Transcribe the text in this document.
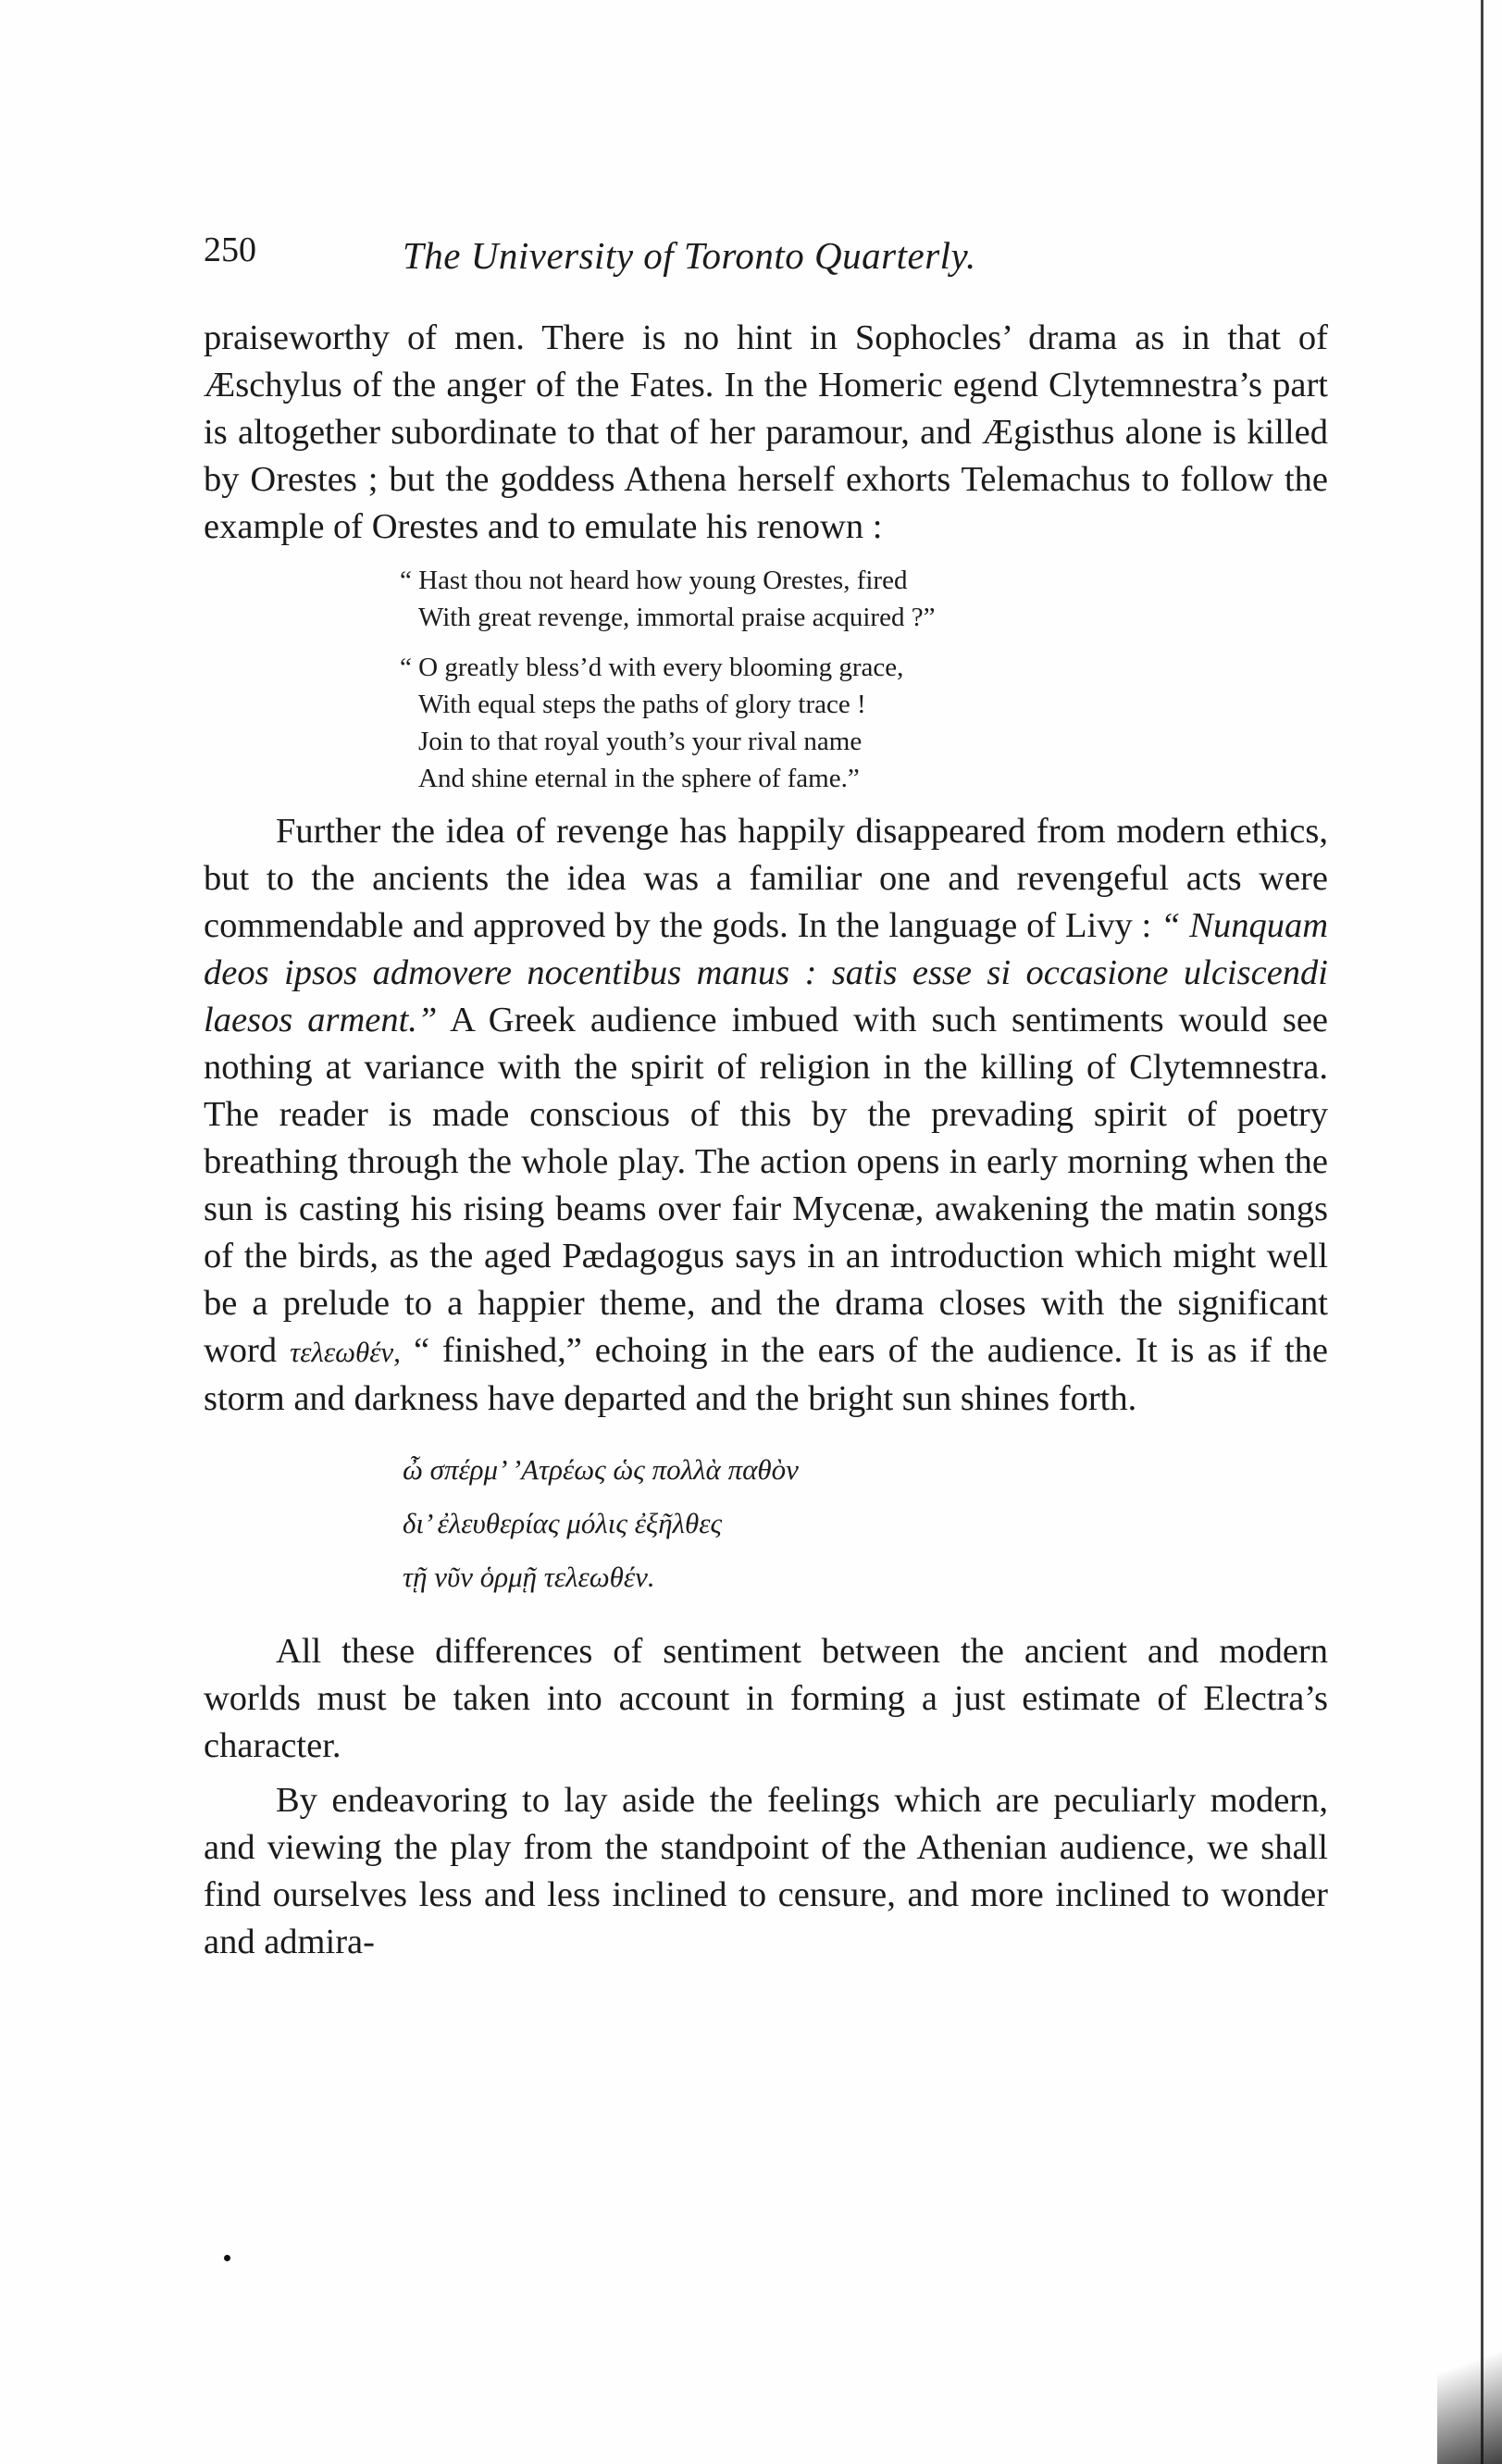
250	The University of Toronto Quarterly.

praiseworthy of men. There is no hint in Sophocles’ drama as in that of Æschylus of the anger of the Fates. In the Homeric egend Clytemnestra’s part is altogether subordinate to that of her paramour, and Ægisthus alone is killed by Orestes ; but the goddess Athena herself exhorts Telemachus to follow the example of Orestes and to emulate his renown :

“ Hast thou not heard how young Orestes, fired
With great revenge, immortal praise acquired ?”
“ O greatly bless’d with every blooming grace,
With equal steps the paths of glory trace !
Join to that royal youth’s your rival name
And shine eternal in the sphere of fame.”

Further the idea of revenge has happily disappeared from modern ethics, but to the ancients the idea was a familiar one and revengeful acts were commendable and approved by the gods. In the language of Livy : “ Nunquam deos ipsos admovere nocentibus manus : satis esse si occasione ulciscendi laesos arment.” A Greek audience imbued with such sentiments would see nothing at variance with the spirit of religion in the killing of Clytemnestra. The reader is made conscious of this by the prevading spirit of poetry breathing through the whole play. The action opens in early morning when the sun is casting his rising beams over fair Mycenæ, awakening the matin songs of the birds, as the aged Pædagogus says in an introduction which might well be a prelude to a happier theme, and the drama closes with the significant word τελεωθέν, “ finished,” echoing in the ears of the audience. It is as if the storm and darkness have departed and the bright sun shines forth.

ὦ σπέρμ’ ’Ατρέως ὡς πολλὰ παθὸν
δι’ ἐλευθερίας μόλις ἐξῆλθες
τῇ νῦν ὁρμῇ τελεωθέν.

All these differences of sentiment between the ancient and modern worlds must be taken into account in forming a just estimate of Electra’s character.

By endeavoring to lay aside the feelings which are peculiarly modern, and viewing the play from the standpoint of the Athenian audience, we shall find ourselves less and less inclined to censure, and more inclined to wonder and admira-
